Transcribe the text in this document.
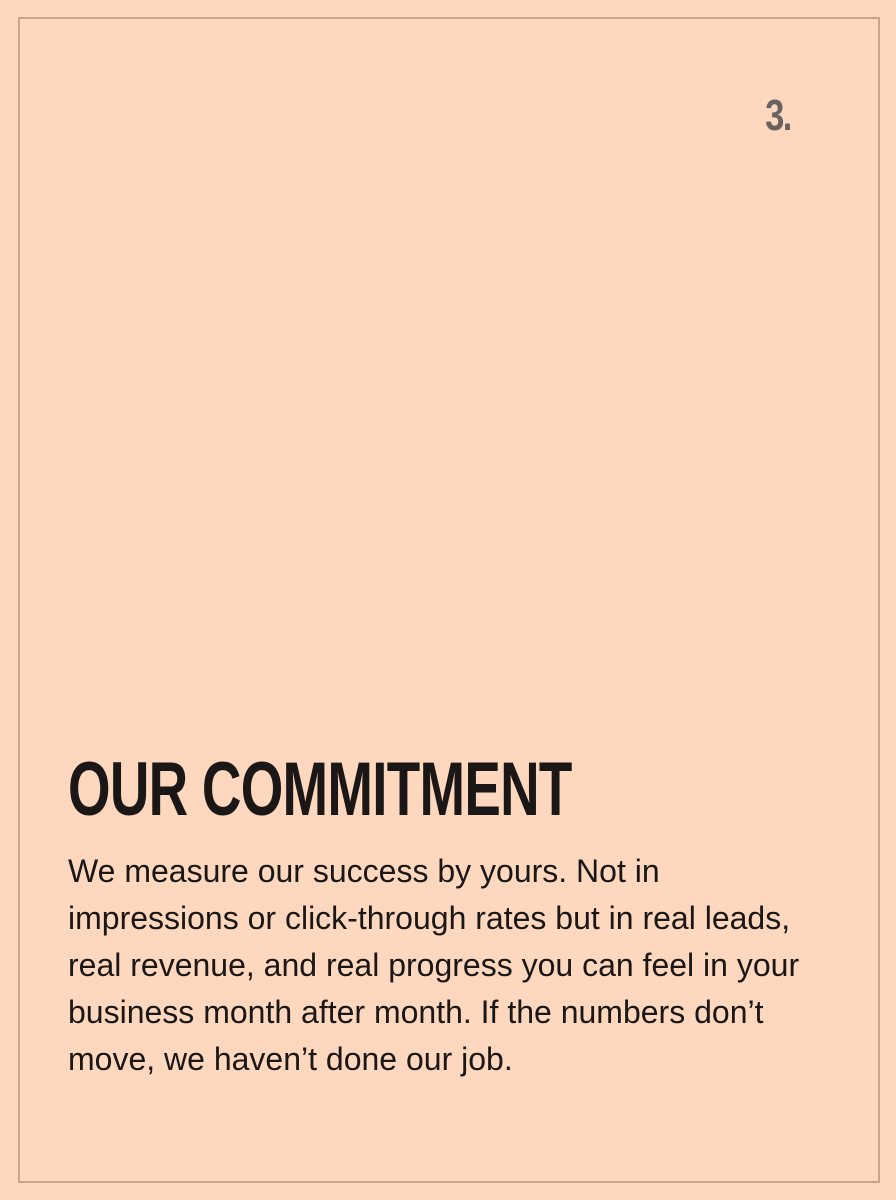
3.
OUR COMMITMENT

We measure our success by yours. Not in impressions or click-through rates but in real leads, real revenue, and real progress you can feel in your business month after month. If the numbers don’t move, we haven’t done our job.
